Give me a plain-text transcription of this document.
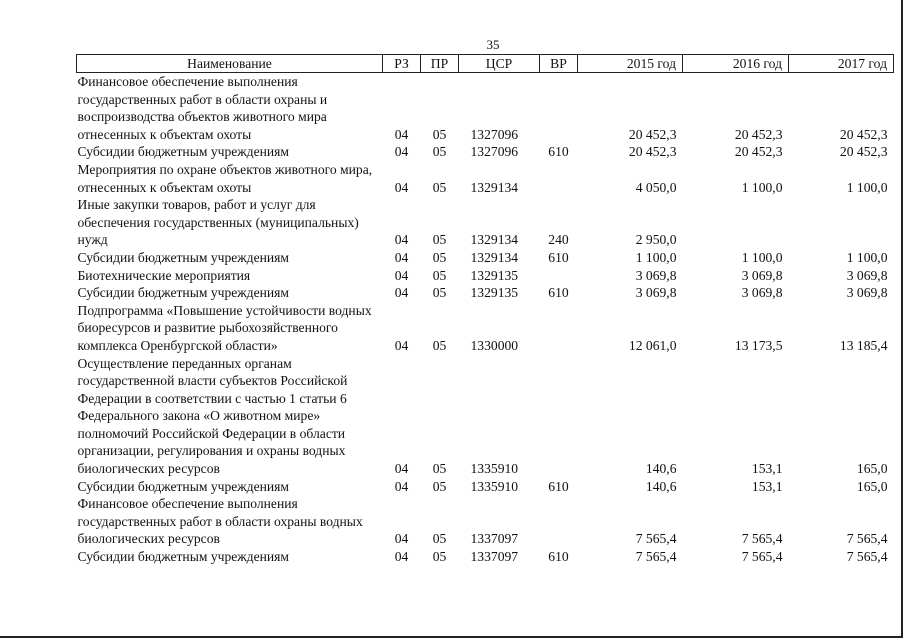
35
Наименование	РЗ	ПР	ЦСР	ВР	2015 год	2016 год	2017 год
Финансовое обеспечение выполнения государственных работ в области охраны и воспроизводства объектов животного мира отнесенных к объектам охоты	04	05	1327096		20 452,3	20 452,3	20 452,3
Субсидии бюджетным учреждениям	04	05	1327096	610	20 452,3	20 452,3	20 452,3
Мероприятия по охране объектов животного мира, отнесенных к объектам охоты	04	05	1329134		4 050,0	1 100,0	1 100,0
Иные закупки товаров, работ и услуг для обеспечения государственных (муниципальных) нужд	04	05	1329134	240	2 950,0		
Субсидии бюджетным учреждениям	04	05	1329134	610	1 100,0	1 100,0	1 100,0
Биотехнические мероприятия	04	05	1329135		3 069,8	3 069,8	3 069,8
Субсидии бюджетным учреждениям	04	05	1329135	610	3 069,8	3 069,8	3 069,8
Подпрограмма «Повышение устойчивости водных биоресурсов и развитие рыбохозяйственного комплекса Оренбургской области»	04	05	1330000		12 061,0	13 173,5	13 185,4
Осуществление переданных органам государственной власти субъектов Российской Федерации в соответствии с частью 1 статьи 6 Федерального закона «О животном мире» полномочий Российской Федерации в области организации, регулирования и охраны водных биологических ресурсов	04	05	1335910		140,6	153,1	165,0
Субсидии бюджетным учреждениям	04	05	1335910	610	140,6	153,1	165,0
Финансовое обеспечение выполнения государственных работ в области охраны водных биологических ресурсов	04	05	1337097		7 565,4	7 565,4	7 565,4
Субсидии бюджетным учреждениям	04	05	1337097	610	7 565,4	7 565,4	7 565,4
